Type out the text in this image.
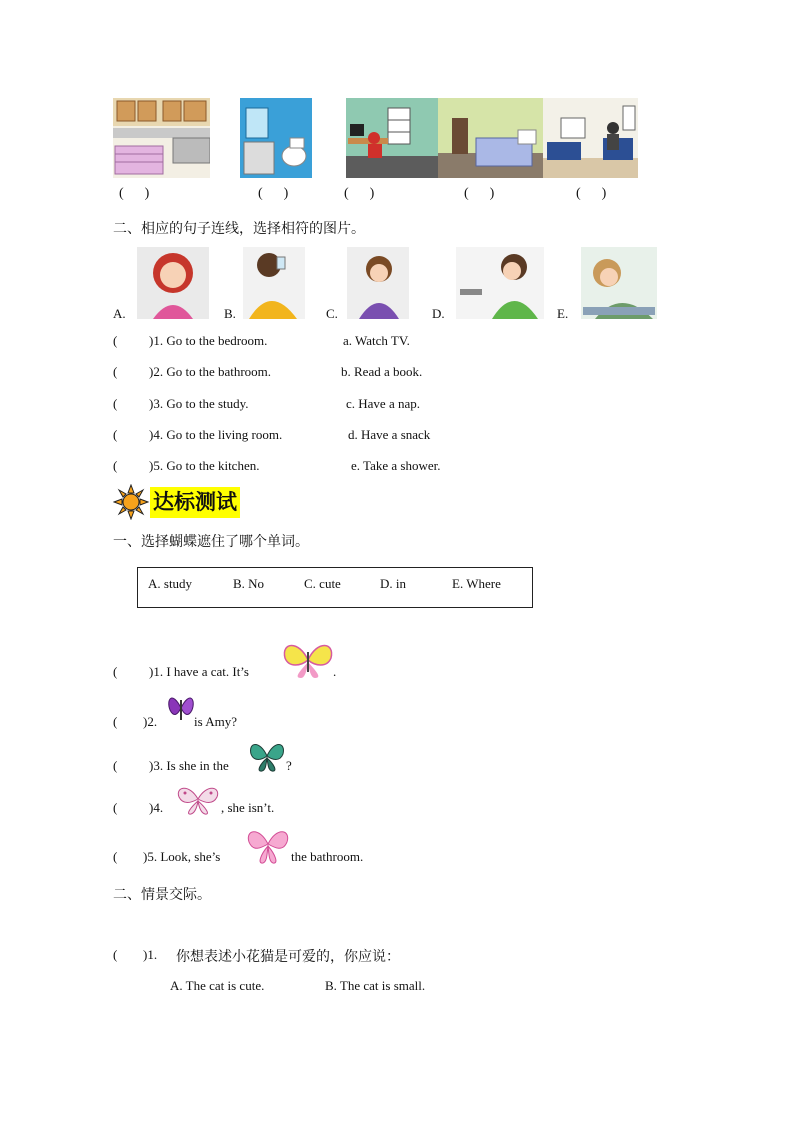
(      )	(      )	(      )	(      )	(      )
二、相应的句子连线，选择相符的图片。
A.	B.	C.	D.	E.
( )1. Go to the bedroom.	a. Watch TV.
( )2. Go to the bathroom.	b. Read a book.
( )3. Go to the study.	c. Have a nap.
( )4. Go to the living room.	d. Have a snack
( )5. Go to the kitchen.	e. Take a shower.
达标测试
一、选择蝴蝶遮住了哪个单词。
A. study	B. No	C. cute	D. in	E. Where
( )1. I have a cat. It’s	.
( )2.	is Amy?
( )3. Is she in the	?
( )4.	, she isn’t.
( )5. Look, she’s	the bathroom.
二、情景交际。
( )1. 你想表述小花猫是可爱的，你应说：
A. The cat is cute.	B. The cat is small.
